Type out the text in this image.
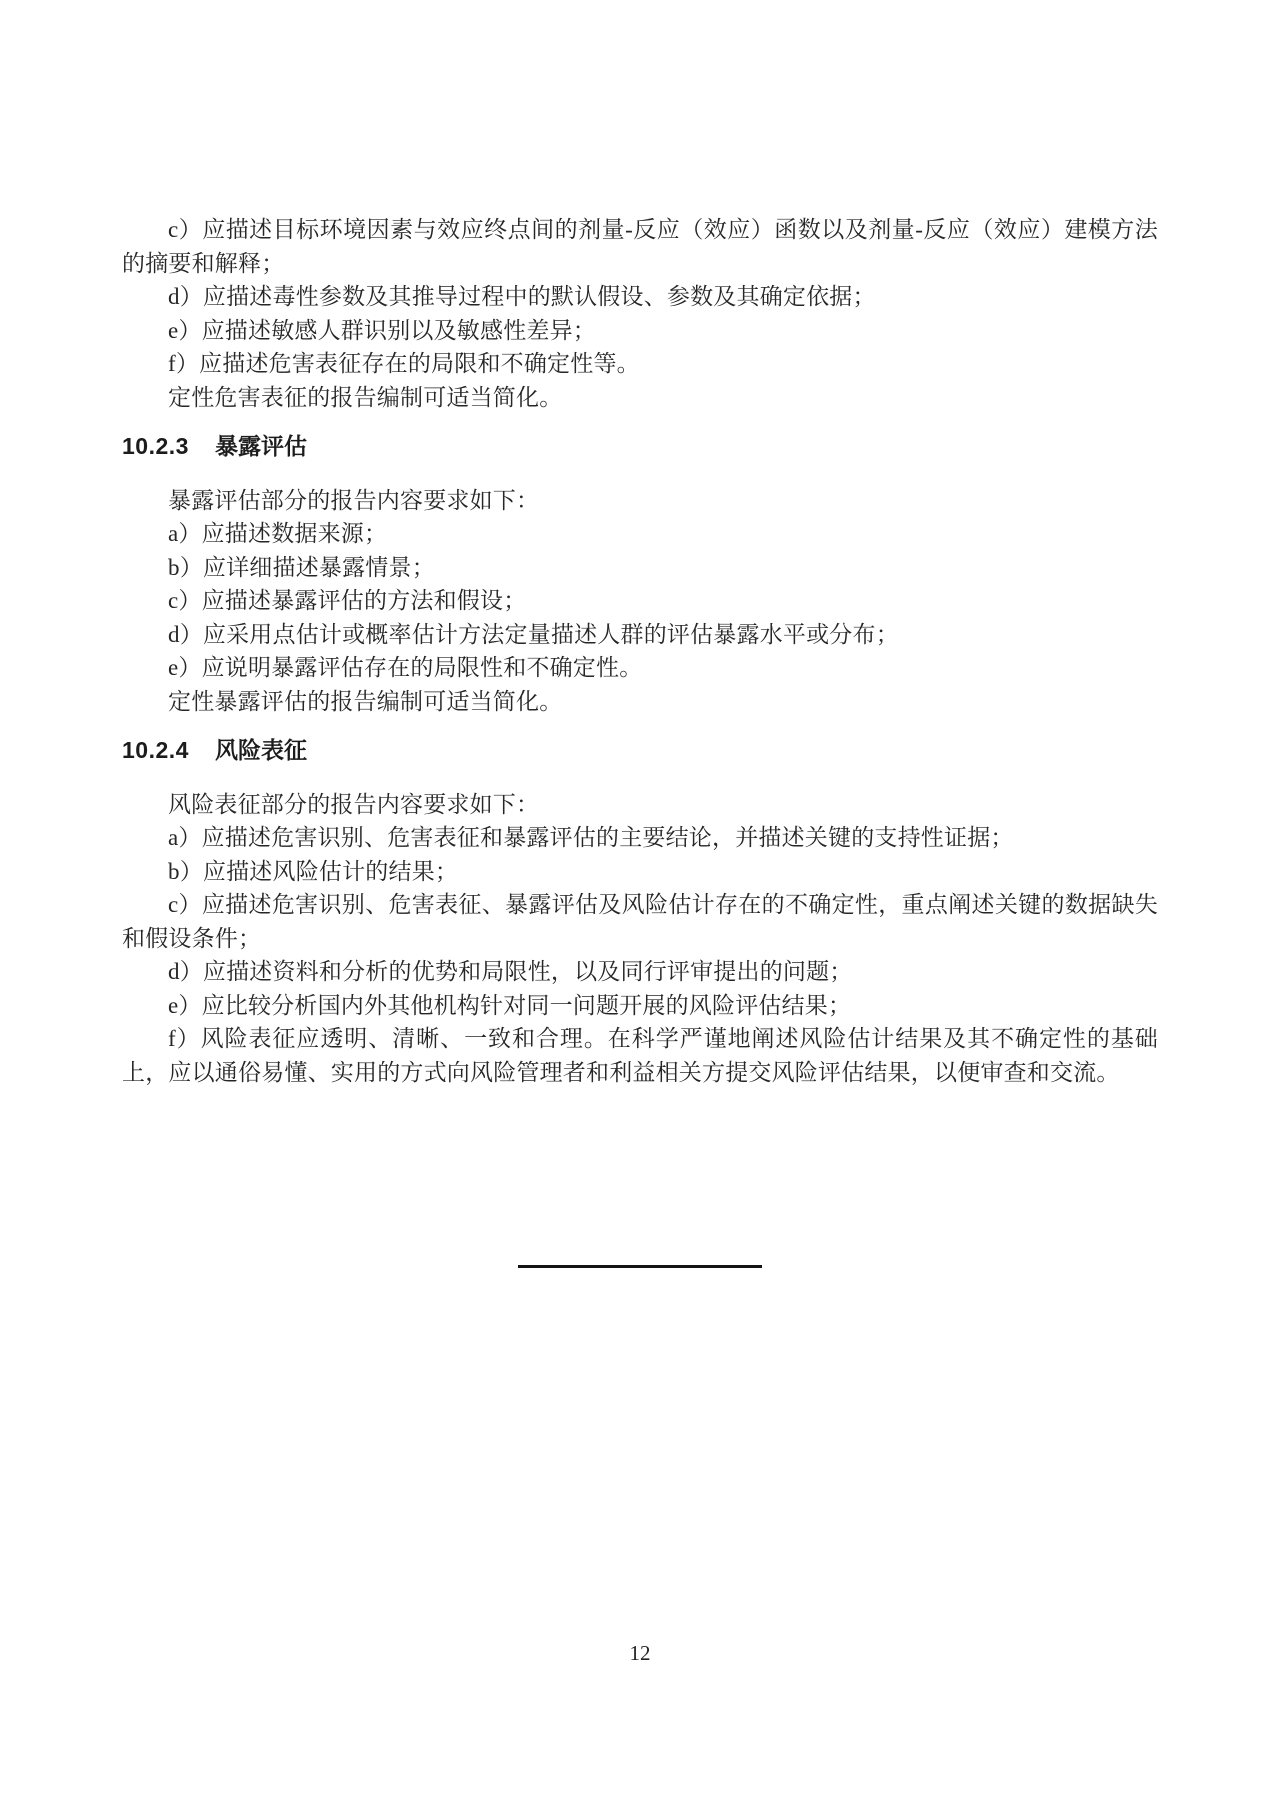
c）应描述目标环境因素与效应终点间的剂量-反应（效应）函数以及剂量-反应（效应）建模方法的摘要和解释；

d）应描述毒性参数及其推导过程中的默认假设、参数及其确定依据；

e）应描述敏感人群识别以及敏感性差异；

f）应描述危害表征存在的局限和不确定性等。

定性危害表征的报告编制可适当简化。

10.2.3 暴露评估

暴露评估部分的报告内容要求如下：

a）应描述数据来源；

b）应详细描述暴露情景；

c）应描述暴露评估的方法和假设；

d）应采用点估计或概率估计方法定量描述人群的评估暴露水平或分布；

e）应说明暴露评估存在的局限性和不确定性。

定性暴露评估的报告编制可适当简化。

10.2.4 风险表征

风险表征部分的报告内容要求如下：

a）应描述危害识别、危害表征和暴露评估的主要结论，并描述关键的支持性证据；

b）应描述风险估计的结果；

c）应描述危害识别、危害表征、暴露评估及风险估计存在的不确定性，重点阐述关键的数据缺失和假设条件；

d）应描述资料和分析的优势和局限性，以及同行评审提出的问题；

e）应比较分析国内外其他机构针对同一问题开展的风险评估结果；

f）风险表征应透明、清晰、一致和合理。在科学严谨地阐述风险估计结果及其不确定性的基础上，应以通俗易懂、实用的方式向风险管理者和利益相关方提交风险评估结果，以便审查和交流。

12
